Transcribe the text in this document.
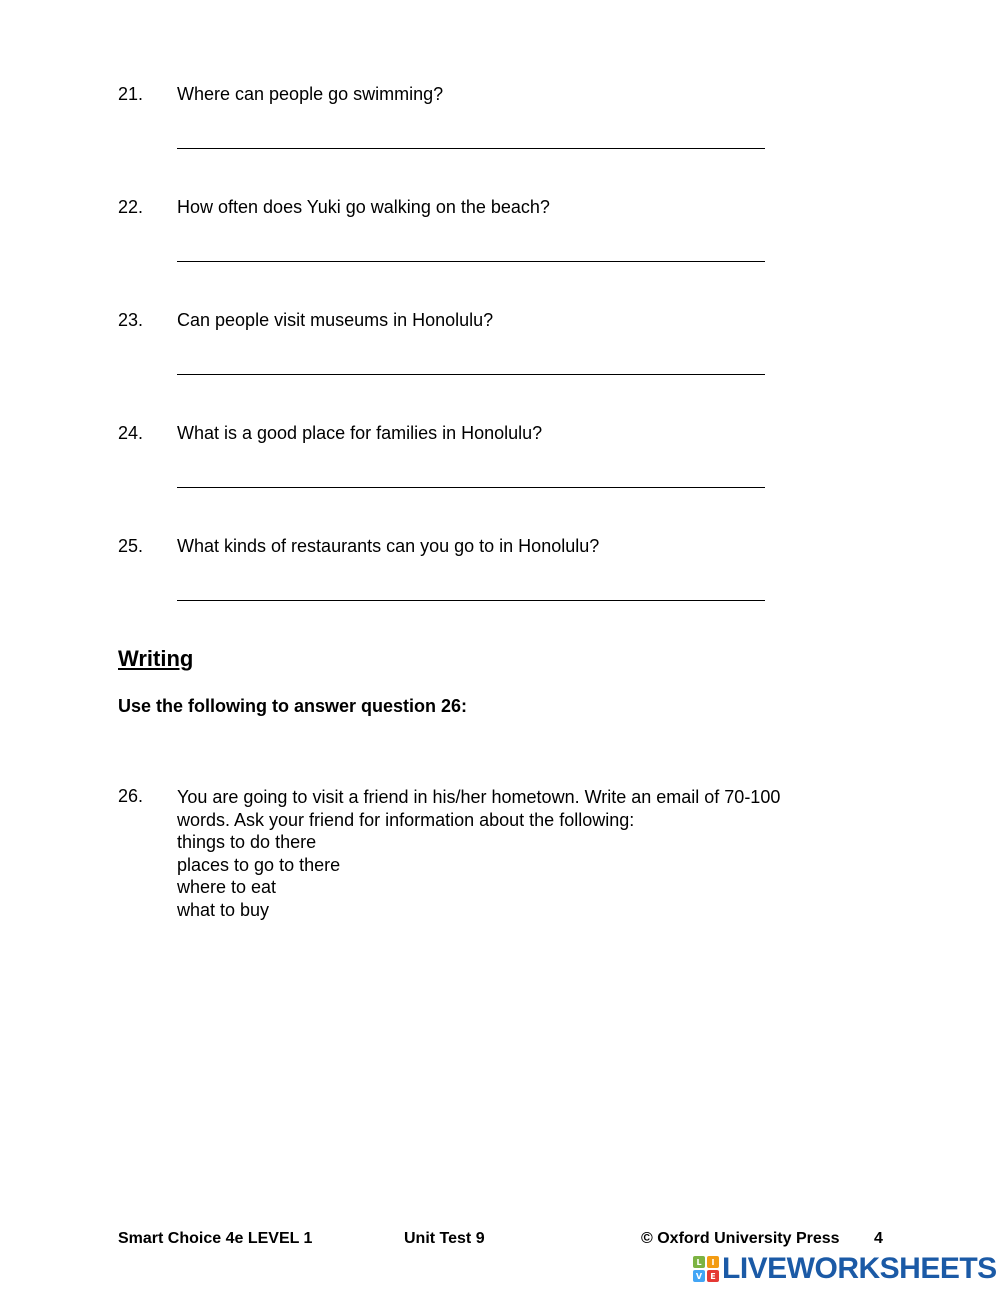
21. Where can people go swimming?
22. How often does Yuki go walking on the beach?
23. Can people visit museums in Honolulu?
24. What is a good place for families in Honolulu?
25. What kinds of restaurants can you go to in Honolulu?
Writing
Use the following to answer question 26:
26. You are going to visit a friend in his/her hometown. Write an email of 70-100
words. Ask your friend for information about the following:
things to do there
places to go to there
where to eat
what to buy
Smart Choice 4e LEVEL 1	Unit Test 9	© Oxford University Press 4
L	I
V	E LIVEWORKSHEETS
